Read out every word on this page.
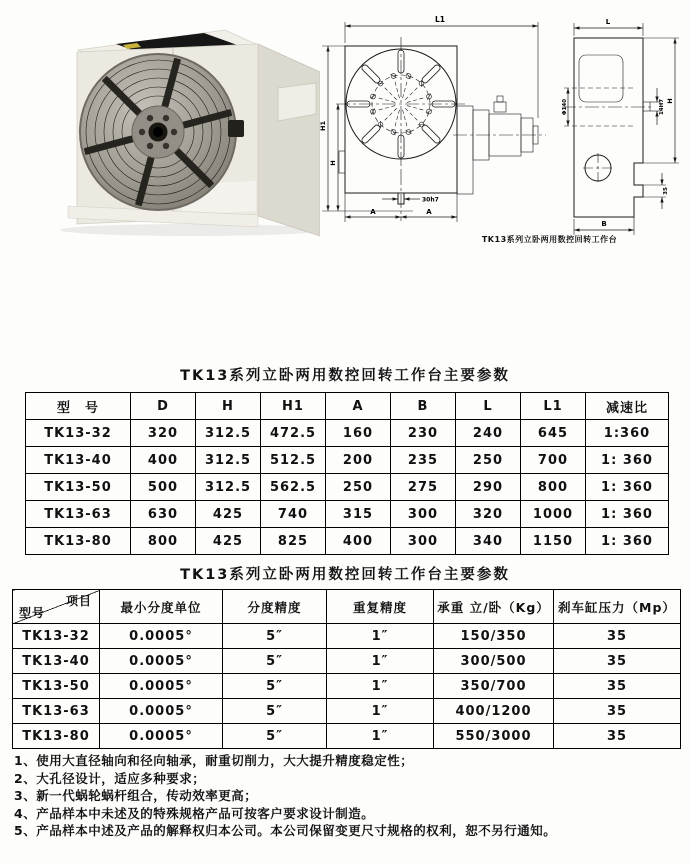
30h7
L1
H1
H
A	A
Φ140	14H7 H
35
L
B
TK13系列立卧两用数控回转工作台
TK13系列立卧两用数控回转工作台主要参数
型　号	D	H	H1	A	B	L	L1	减速比
TK13-32	320	312.5	472.5	160	230	240	645	1:360
TK13-40	400	312.5	512.5	200	235	250	700	1: 360
TK13-50	500	312.5	562.5	250	275	290	800	1: 360
TK13-63	630	425	740	315	300	320	1000	1: 360
TK13-80	800	425	825	400	300	340	1150	1: 360
TK13系列立卧两用数控回转工作台主要参数
项目
型号	最小分度单位	分度精度	重复精度	承重 立/卧（Kg）	刹车缸压力（Mp）
TK13-32	0.0005°	5″	1″	150/350	35
TK13-40	0.0005°	5″	1″	300/500	35
TK13-50	0.0005°	5″	1″	350/700	35
TK13-63	0.0005°	5″	1″	400/1200	35
TK13-80	0.0005°	5″	1″	550/3000	35
1、使用大直径轴向和径向轴承，耐重切削力，大大提升精度稳定性；
2、大孔径设计，适应多种要求；
3、新一代蜗轮蜗杆组合，传动效率更高；
4、产品样本中未述及的特殊规格产品可按客户要求设计制造。
5、产品样本中述及产品的解释权归本公司。本公司保留变更尺寸规格的权利，恕不另行通知。
